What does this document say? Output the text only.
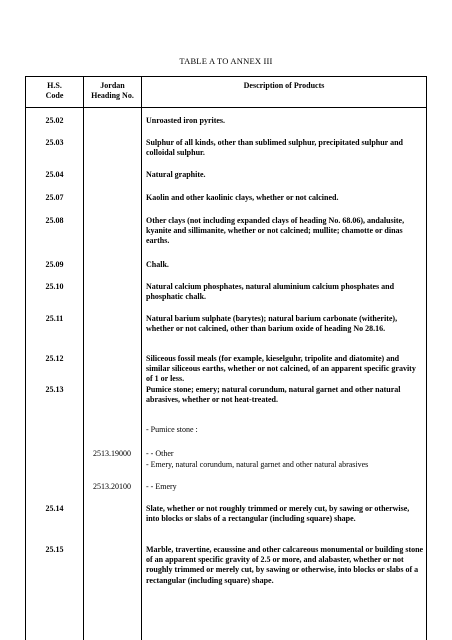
TABLE A TO ANNEX III
H.S.
Code
Jordan
Heading No.
Description of Products
25.02
25.03
25.04
25.07
25.08
25.09
25.10
25.11
25.12
25.13
2513.19000
2513.20100
25.14
25.15
Unroasted iron pyrites.
Sulphur of all kinds, other than sublimed sulphur, precipitated sulphur and colloidal sulphur.
Natural graphite.
Kaolin and other kaolinic clays, whether or not calcined.
Other clays (not including expanded clays of heading No. 68.06), andalusite, kyanite and sillimanite, whether or not calcined; mullite; chamotte or dinas earths.
Chalk.
Natural calcium phosphates, natural aluminium calcium phosphates and phosphatic chalk.
Natural barium sulphate (barytes); natural barium carbonate (witherite), whether or not calcined, other than barium oxide of heading No 28.16.
Siliceous fossil meals (for example, kieselguhr, tripolite and diatomite) and similar siliceous earths, whether or not calcined, of an apparent specific gravity of 1 or less.
Pumice stone; emery; natural corundum, natural garnet and other natural abrasives, whether or not heat-treated.
- Pumice stone :
- - Other
- Emery, natural corundum, natural garnet and other natural abrasives
- - Emery
Slate, whether or not roughly trimmed or merely cut, by sawing or otherwise, into blocks or slabs of a rectangular (including square) shape.
Marble, travertine, ecaussine and other calcareous monumental or building stone of an apparent specific gravity of 2.5 or more, and alabaster, whether or not roughly trimmed or merely cut, by sawing or otherwise, into blocks or slabs of a rectangular (including square) shape.
